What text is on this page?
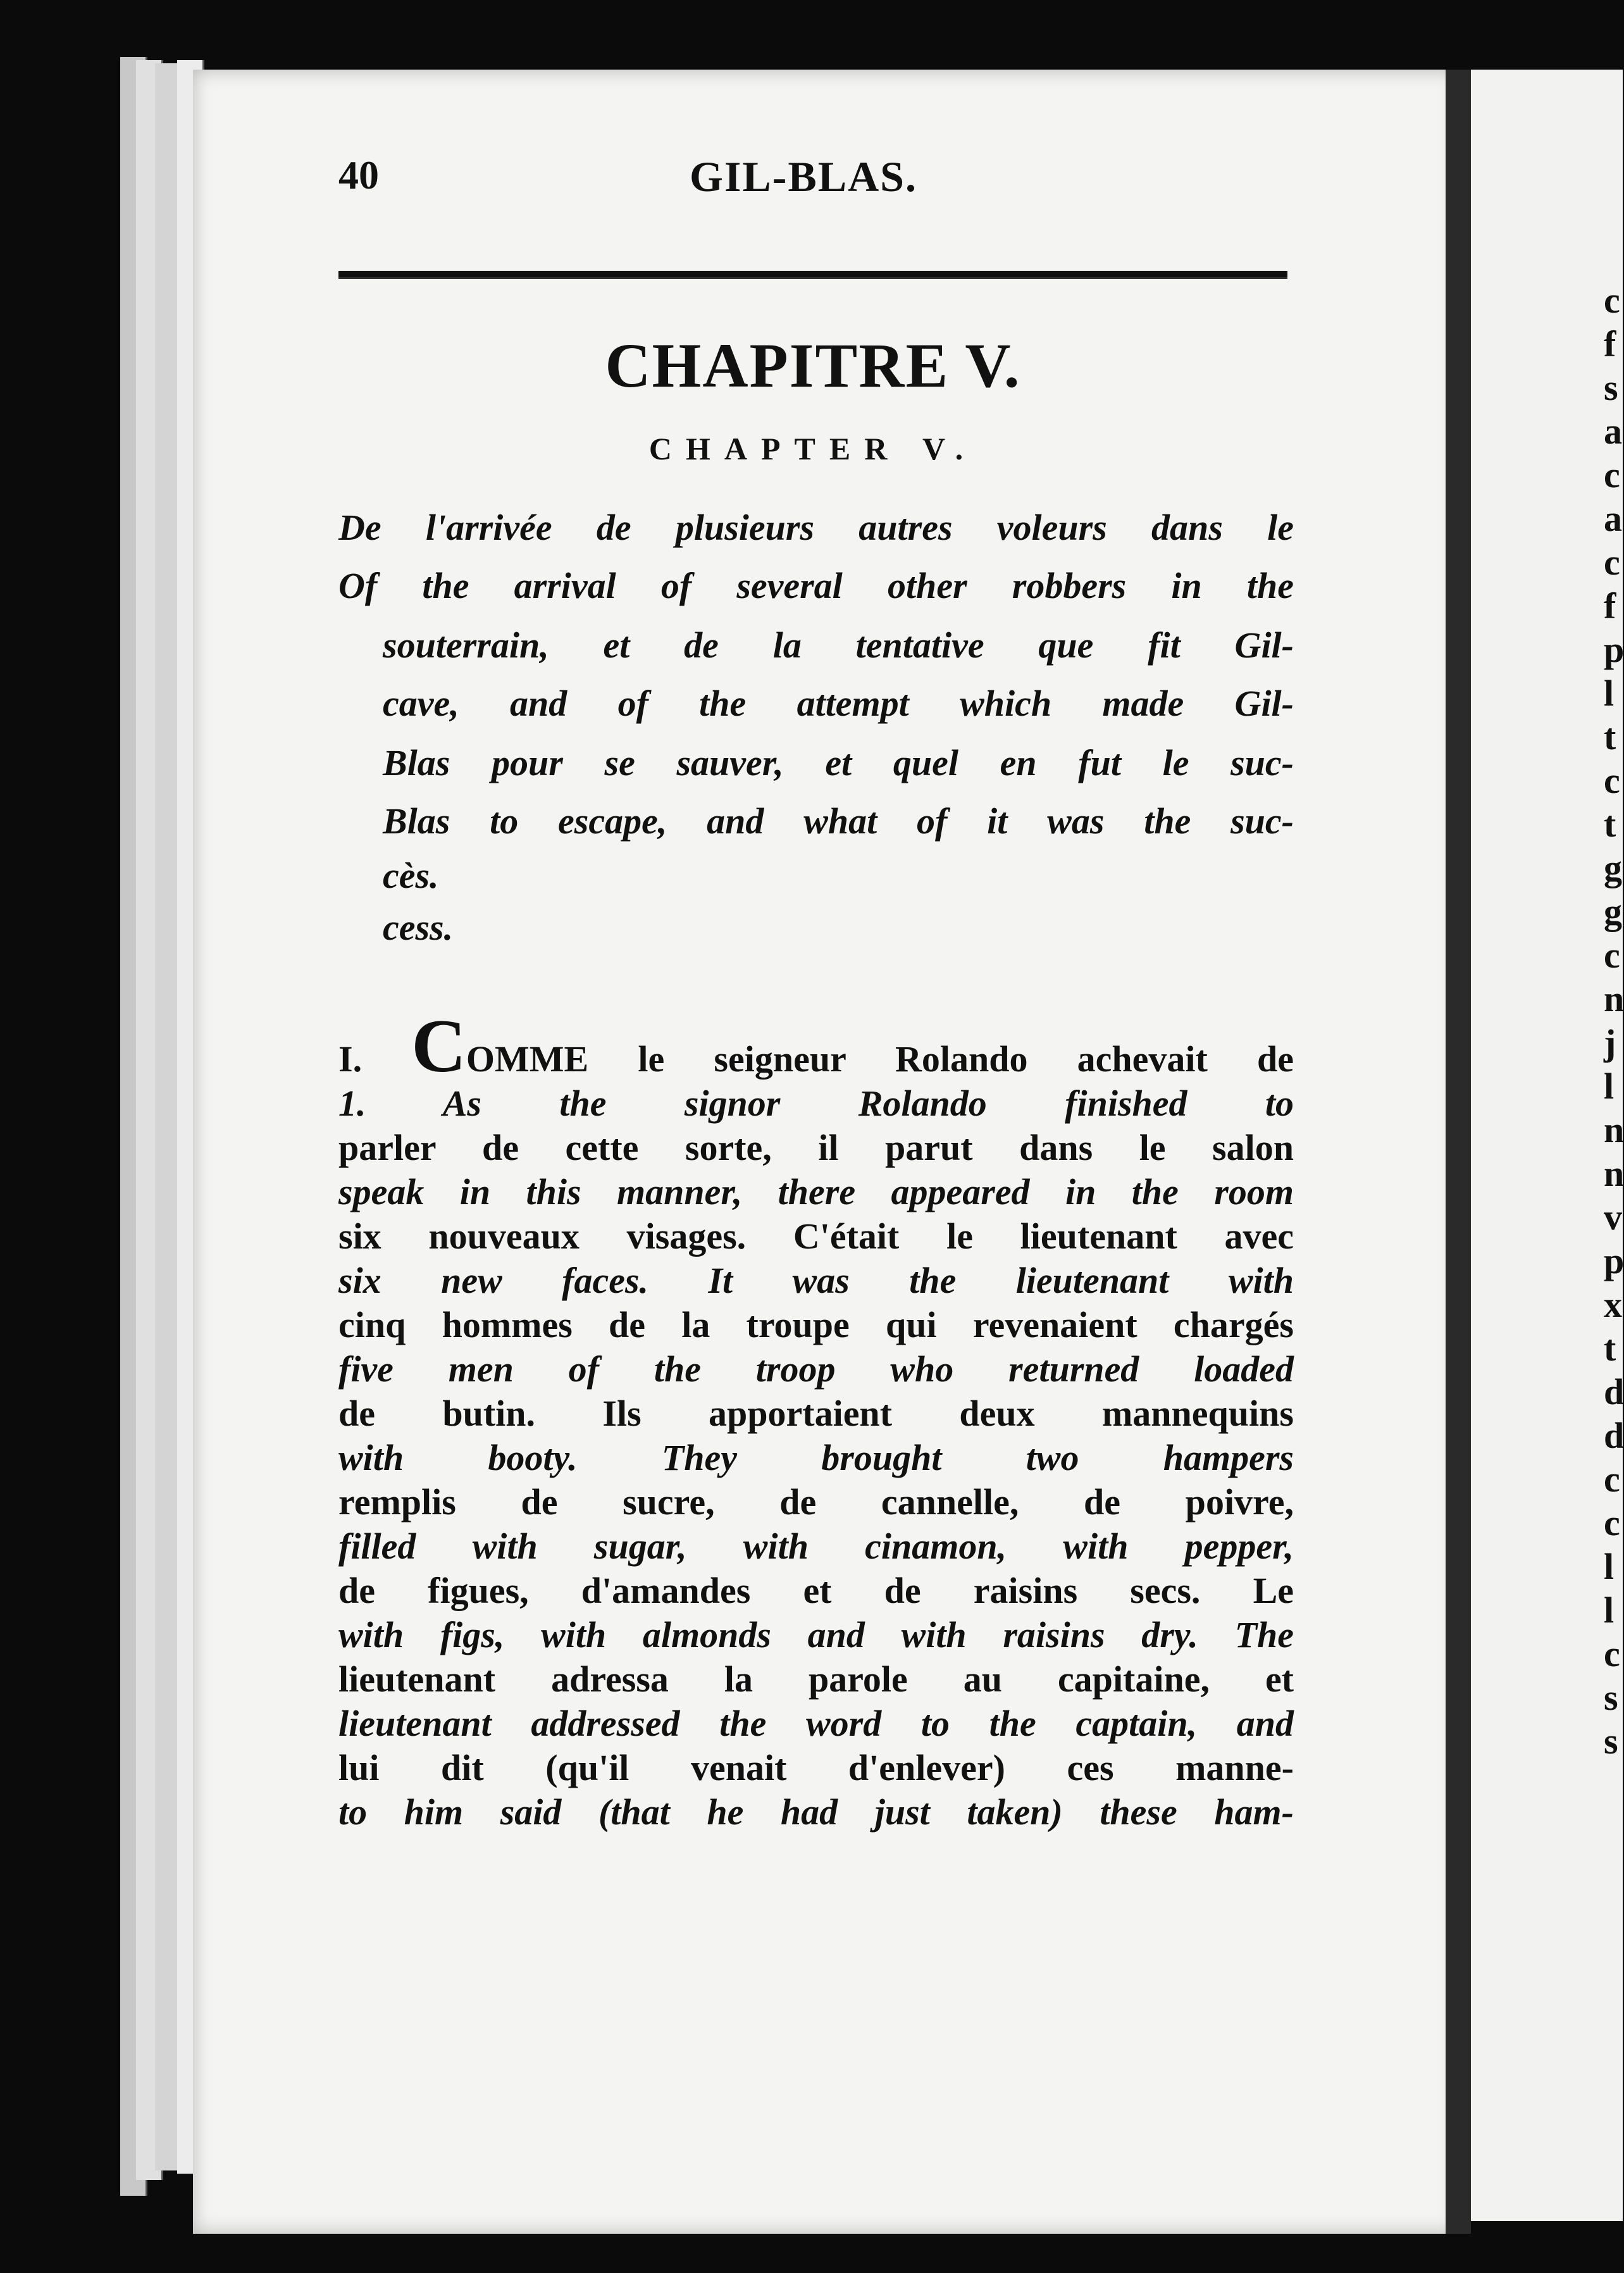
c
f
s
a
c
a
c
f
p
l
t
c
t
g
g
c
n
j
l
n
n
v
p
x
t
d
d
c
c
l
l
c
s
s
40	GIL-BLAS.
CHAPITRE V.
CHAPTER V.
De l'arrivée de plusieurs autres voleurs dans le
Of the arrival of several other robbers in the
souterrain, et de la tentative que fit Gil-
cave, and of the attempt which made Gil-
Blas pour se sauver, et quel en fut le suc-
Blas to escape, and what of it was the suc-
cès.
cess.
I. COMME le seigneur Rolando achevait de
1. As the signor Rolando finished to
parler de cette sorte, il parut dans le salon
speak in this manner, there appeared in the room
six nouveaux visages. C'était le lieutenant avec
six new faces. It was the lieutenant with
cinq hommes de la troupe qui revenaient chargés
five men of the troop who returned loaded
de butin. Ils apportaient deux mannequins
with booty. They brought two hampers
remplis de sucre, de cannelle, de poivre,
filled with sugar, with cinamon, with pepper,
de figues, d'amandes et de raisins secs. Le
with figs, with almonds and with raisins dry. The
lieutenant adressa la parole au capitaine, et
lieutenant addressed the word to the captain, and
lui dit (qu'il venait d'enlever) ces manne-
to him said (that he had just taken) these ham-
